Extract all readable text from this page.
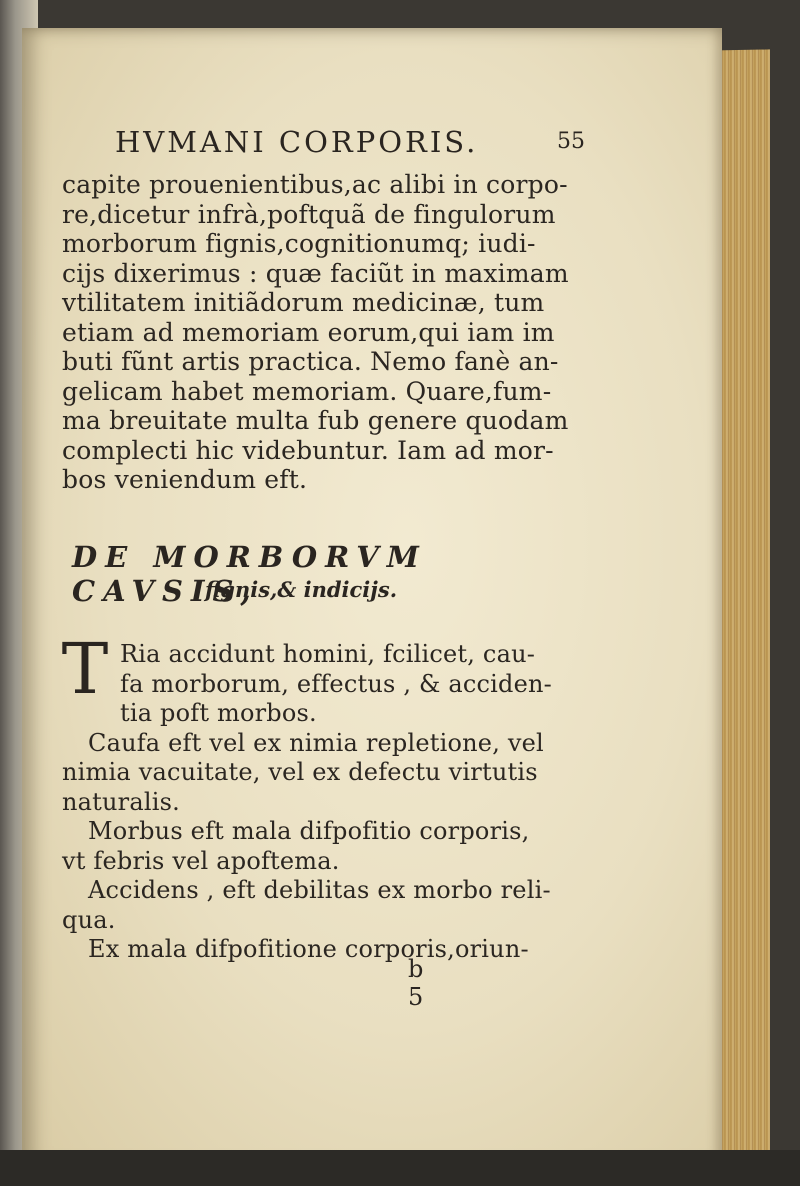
HVMANI CORPORIS.	55
capite prouenientibus,ac alibi in corpo-
re,dicetur infrà,poftquã de fingulorum
morborum fignis,cognitionumq; iudi-
cijs dixerimus : quæ faciũt in maximam
vtilitatem initiãdorum medicinæ, tum
etiam ad memoriam eorum,qui iam im
buti fũnt artis practica. Nemo fanè an-
gelicam habet memoriam. Quare,fum-
ma breuitate multa fub genere quodam
complecti hic videbuntur. Iam ad mor-
bos veniendum eft.
DE MORBORVM CAVSIS,
fignis,& indicijs.
T Ria accidunt homini, fcilicet, cau-
fa morborum, effectus , & acciden-
tia poft morbos.
Caufa eft vel ex nimia repletione, vel
nimia vacuitate, vel ex defectu virtutis
naturalis.
Morbus eft mala difpofitio corporis,
vt febris vel apoftema.
Accidens , eft debilitas ex morbo reli-
qua.
Ex mala difpofitione corporis,oriun-
b 5
